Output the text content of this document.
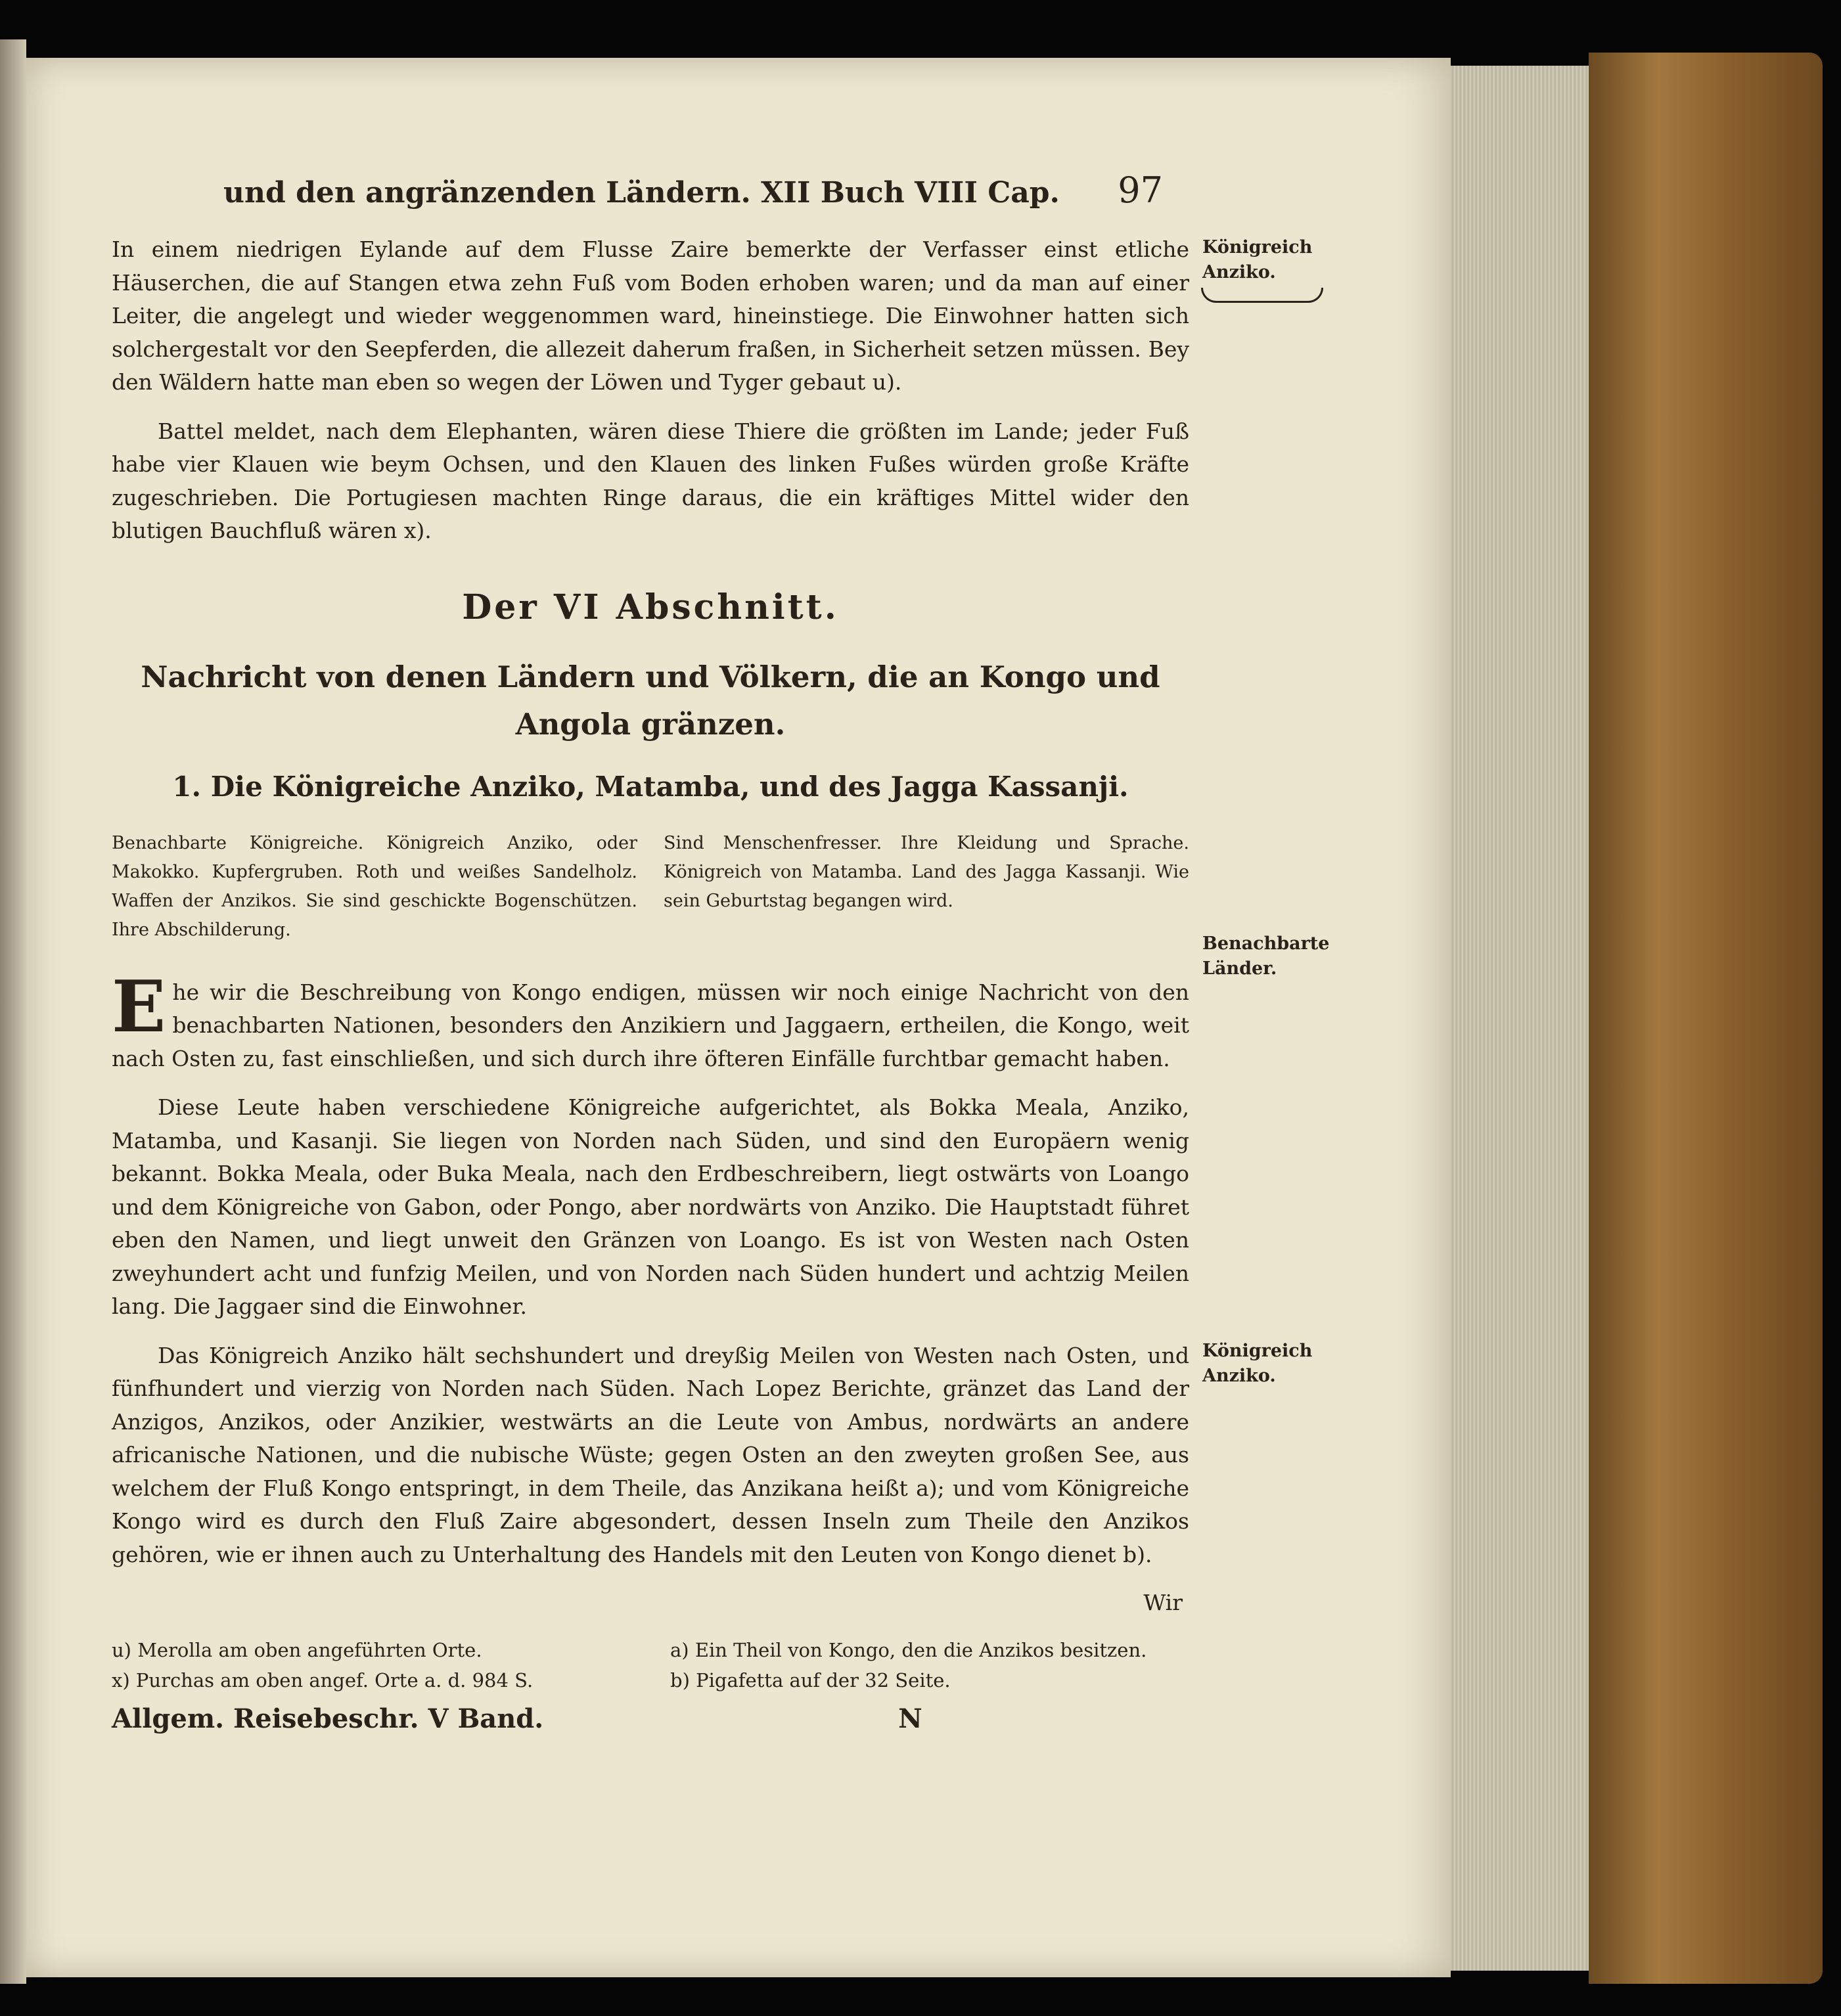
Königreich Anziko.
Benachbarte Länder.
Königreich Anziko.
und den angränzenden Ländern. XII Buch VIII Cap. 97

In einem niedrigen Eylande auf dem Flusse Zaire bemerkte der Verfasser einst etliche Häuserchen, die auf Stangen etwa zehn Fuß vom Boden erhoben waren; und da man auf einer Leiter, die angelegt und wieder weggenommen ward, hineinstiege. Die Einwohner hatten sich solchergestalt vor den Seepferden, die allezeit daherum fraßen, in Sicherheit setzen müssen. Bey den Wäldern hatte man eben so wegen der Löwen und Tyger gebaut u).

Battel meldet, nach dem Elephanten, wären diese Thiere die größten im Lande; jeder Fuß habe vier Klauen wie beym Ochsen, und den Klauen des linken Fußes würden große Kräfte zugeschrieben. Die Portugiesen machten Ringe daraus, die ein kräftiges Mittel wider den blutigen Bauchfluß wären x).

Der VI Abschnitt.
Nachricht von denen Ländern und Völkern, die an Kongo und Angola gränzen.
1. Die Königreiche Anziko, Matamba, und des Jagga Kassanji.

Benachbarte Königreiche. Königreich Anziko, oder Makokko. Kupfergruben. Roth und weißes Sandelholz. Waffen der Anzikos. Sie sind geschickte Bogenschützen. Ihre Abschilderung.

Sind Menschenfresser. Ihre Kleidung und Sprache. Königreich von Matamba. Land des Jagga Kassanji. Wie sein Geburtstag begangen wird.

Ehe wir die Beschreibung von Kongo endigen, müssen wir noch einige Nachricht von den benachbarten Nationen, besonders den Anzikiern und Jaggaern, ertheilen, die Kongo, weit nach Osten zu, fast einschließen, und sich durch ihre öfteren Einfälle furchtbar gemacht haben.

Diese Leute haben verschiedene Königreiche aufgerichtet, als Bokka Meala, Anziko, Matamba, und Kasanji. Sie liegen von Norden nach Süden, und sind den Europäern wenig bekannt. Bokka Meala, oder Buka Meala, nach den Erdbeschreibern, liegt ostwärts von Loango und dem Königreiche von Gabon, oder Pongo, aber nordwärts von Anziko. Die Hauptstadt führet eben den Namen, und liegt unweit den Gränzen von Loango. Es ist von Westen nach Osten zweyhundert acht und funfzig Meilen, und von Norden nach Süden hundert und achtzig Meilen lang. Die Jaggaer sind die Einwohner.

Das Königreich Anziko hält sechshundert und dreyßig Meilen von Westen nach Osten, und fünfhundert und vierzig von Norden nach Süden. Nach Lopez Berichte, gränzet das Land der Anzigos, Anzikos, oder Anzikier, westwärts an die Leute von Ambus, nordwärts an andere africanische Nationen, und die nubische Wüste; gegen Osten an den zweyten großen See, aus welchem der Fluß Kongo entspringt, in dem Theile, das Anzikana heißt a); und vom Königreiche Kongo wird es durch den Fluß Zaire abgesondert, dessen Inseln zum Theile den Anzikos gehören, wie er ihnen auch zu Unterhaltung des Handels mit den Leuten von Kongo dienet b).

Wir
u) Merolla am oben angeführten Orte.	a) Ein Theil von Kongo, den die Anzikos besitzen.
x) Purchas am oben angef. Orte a. d. 984 S.	b) Pigafetta auf der 32 Seite.
Allgem. Reisebeschr. V Band.	N
